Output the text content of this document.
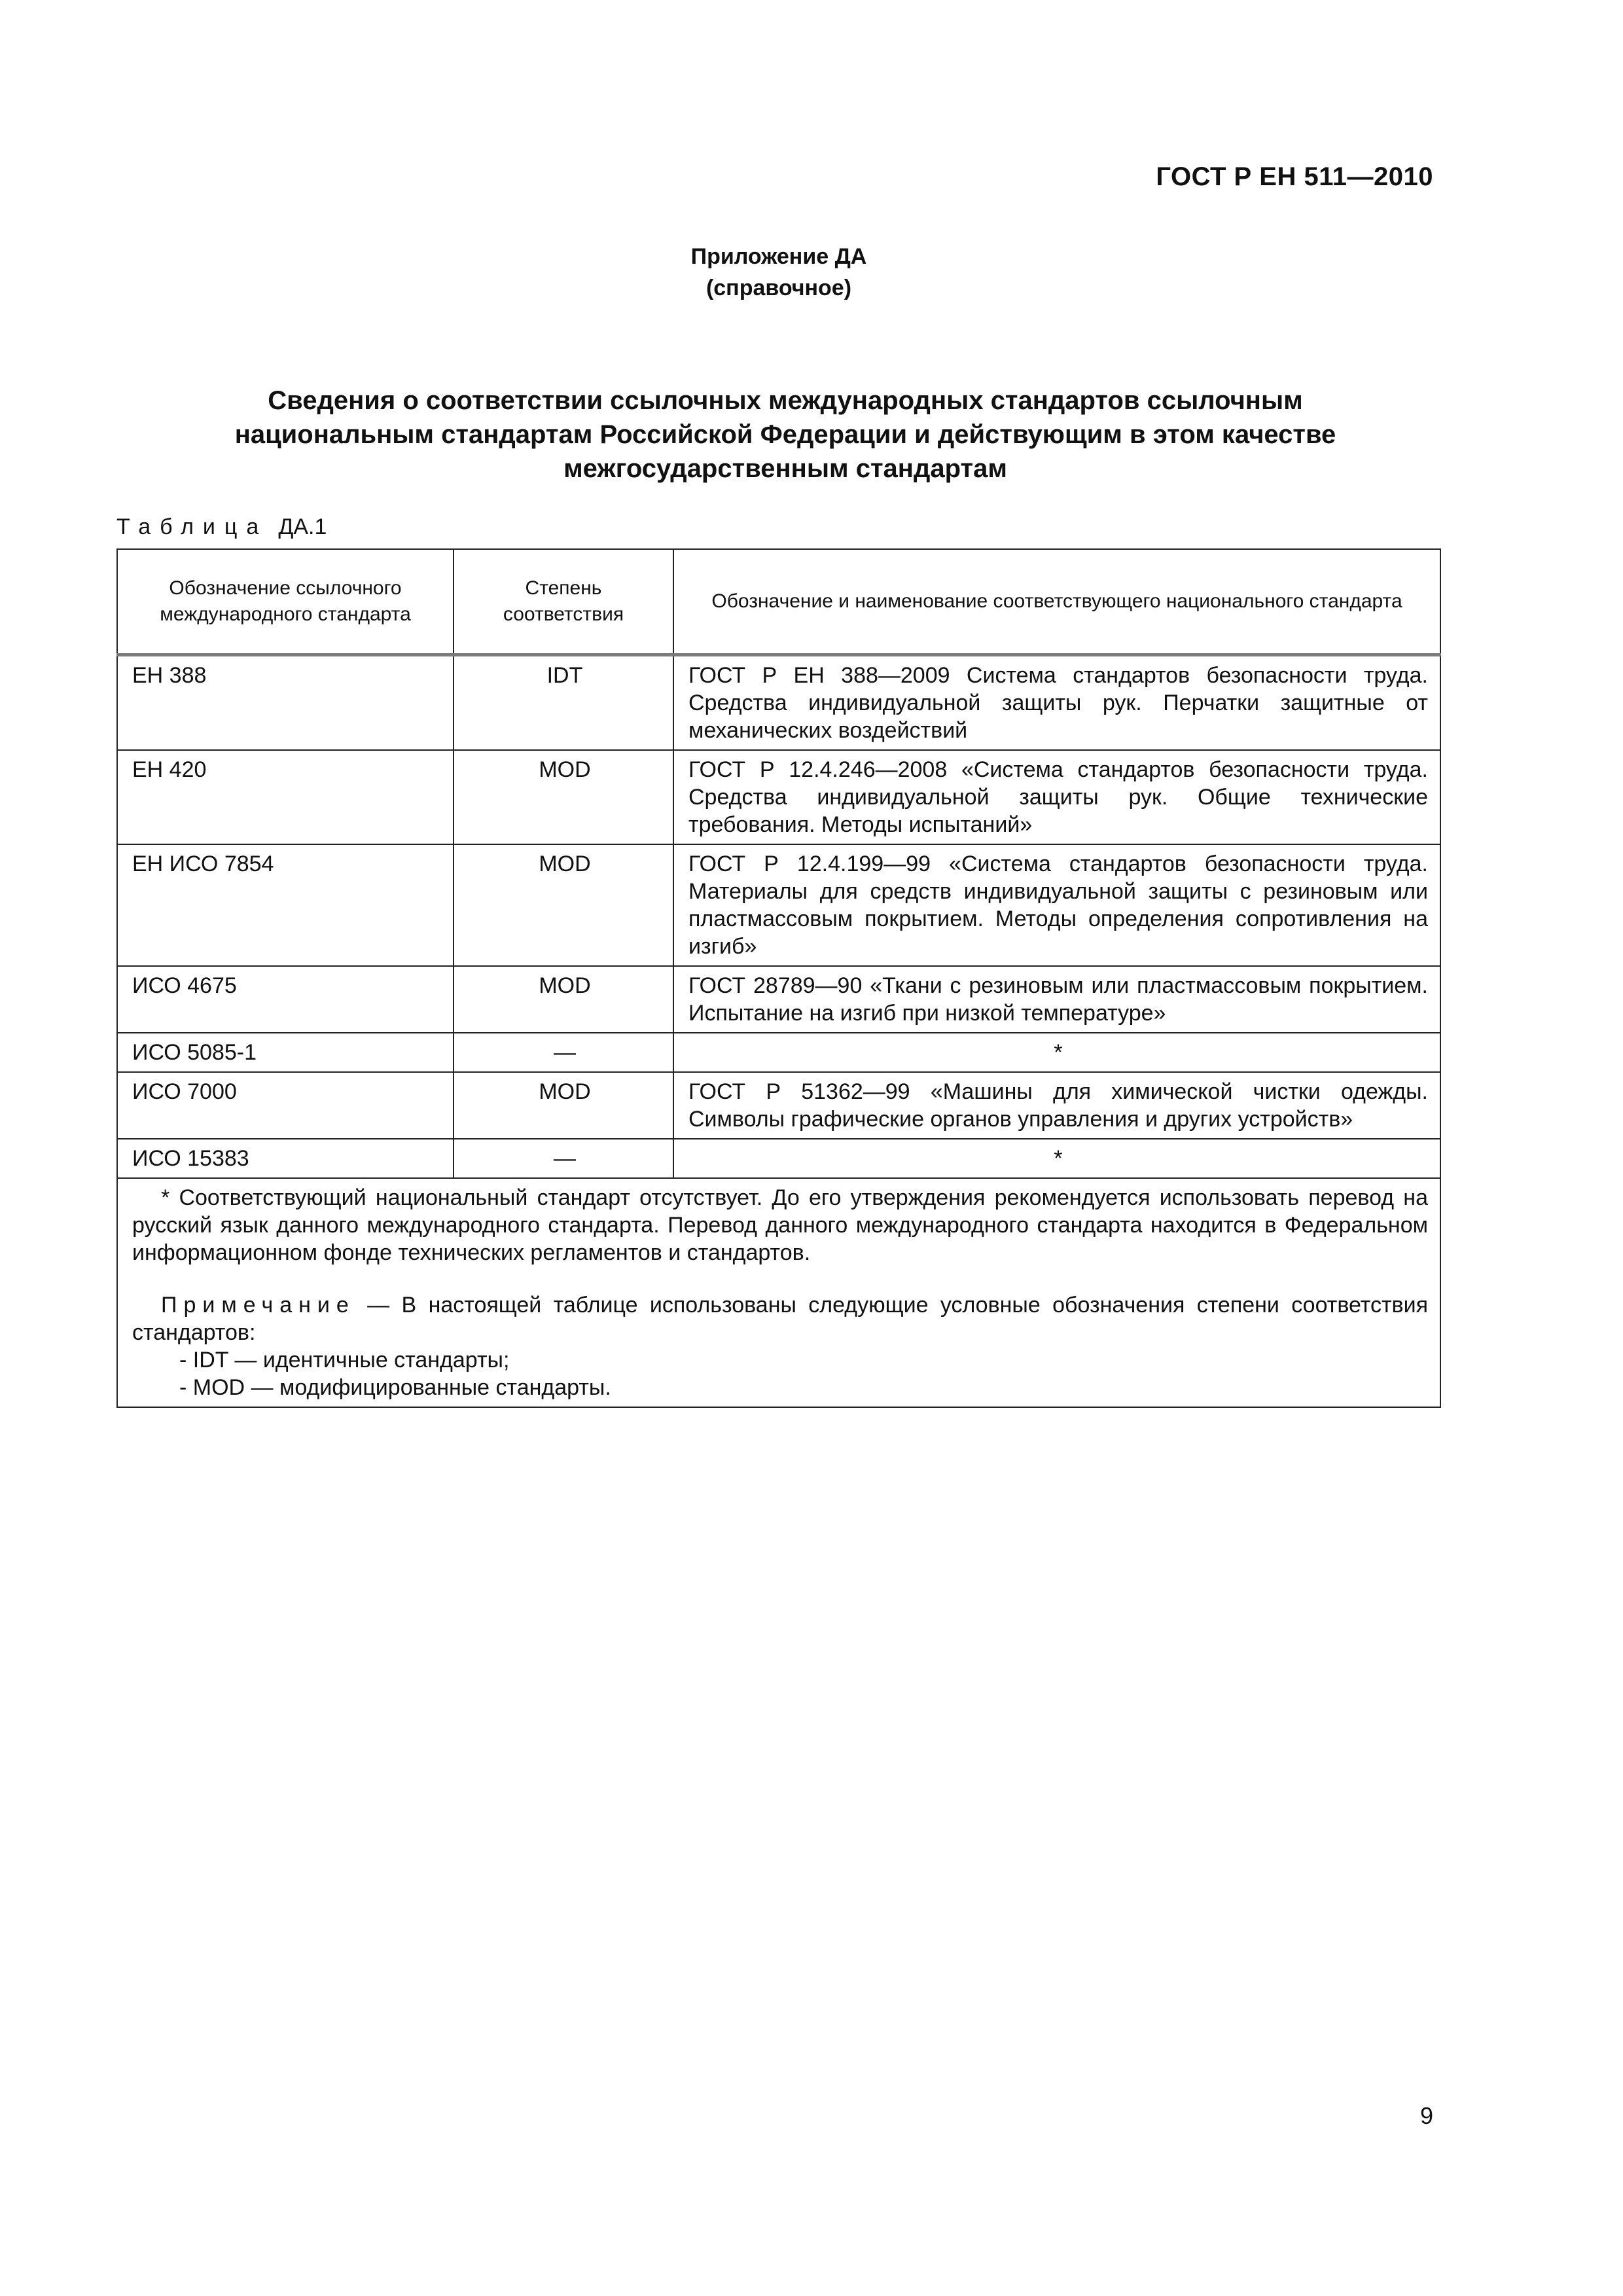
ГОСТ Р ЕН 511—2010
Приложение ДА
(справочное)
Сведения о соответствии ссылочных международных стандартов ссылочным
национальным стандартам Российской Федерации и действующим в этом качестве
межгосударственным стандартам
Таблица ДА.1
Обозначение ссылочного международного стандарта	Степень соответствия	Обозначение и наименование соответствующего национального стандарта
ЕН 388	IDT	ГОСТ Р ЕН 388—2009 Система стандартов безопасности труда. Средства индивидуальной защиты рук. Перчатки защитные от механических воздействий
ЕН 420	MOD	ГОСТ Р 12.4.246—2008 «Система стандартов безопасности труда. Средства индивидуальной защиты рук. Общие технические требования. Методы испытаний»
ЕН ИСО 7854	MOD	ГОСТ Р 12.4.199—99 «Система стандартов безопасности труда. Материалы для средств индивидуальной защиты с резиновым или пластмассовым покрытием. Методы определения сопротивления на изгиб»
ИСО 4675	MOD	ГОСТ 28789—90 «Ткани с резиновым или пластмассовым покрытием. Испытание на изгиб при низкой температуре»
ИСО 5085-1	—	*
ИСО 7000	MOD	ГОСТ Р 51362—99 «Машины для химической чистки одежды. Символы графические органов управления и других устройств»
ИСО 15383	—	*

* Соответствующий национальный стандарт отсутствует. До его утверждения рекомендуется использовать перевод на русский язык данного международного стандарта. Перевод данного международного стандарта находится в Федеральном информационном фонде технических регламентов и стандартов.
Примечание — В настоящей таблице использованы следующие условные обозначения степени соответствия стандартов:
- IDT — идентичные стандарты;
- MOD — модифицированные стандарты.		
9
